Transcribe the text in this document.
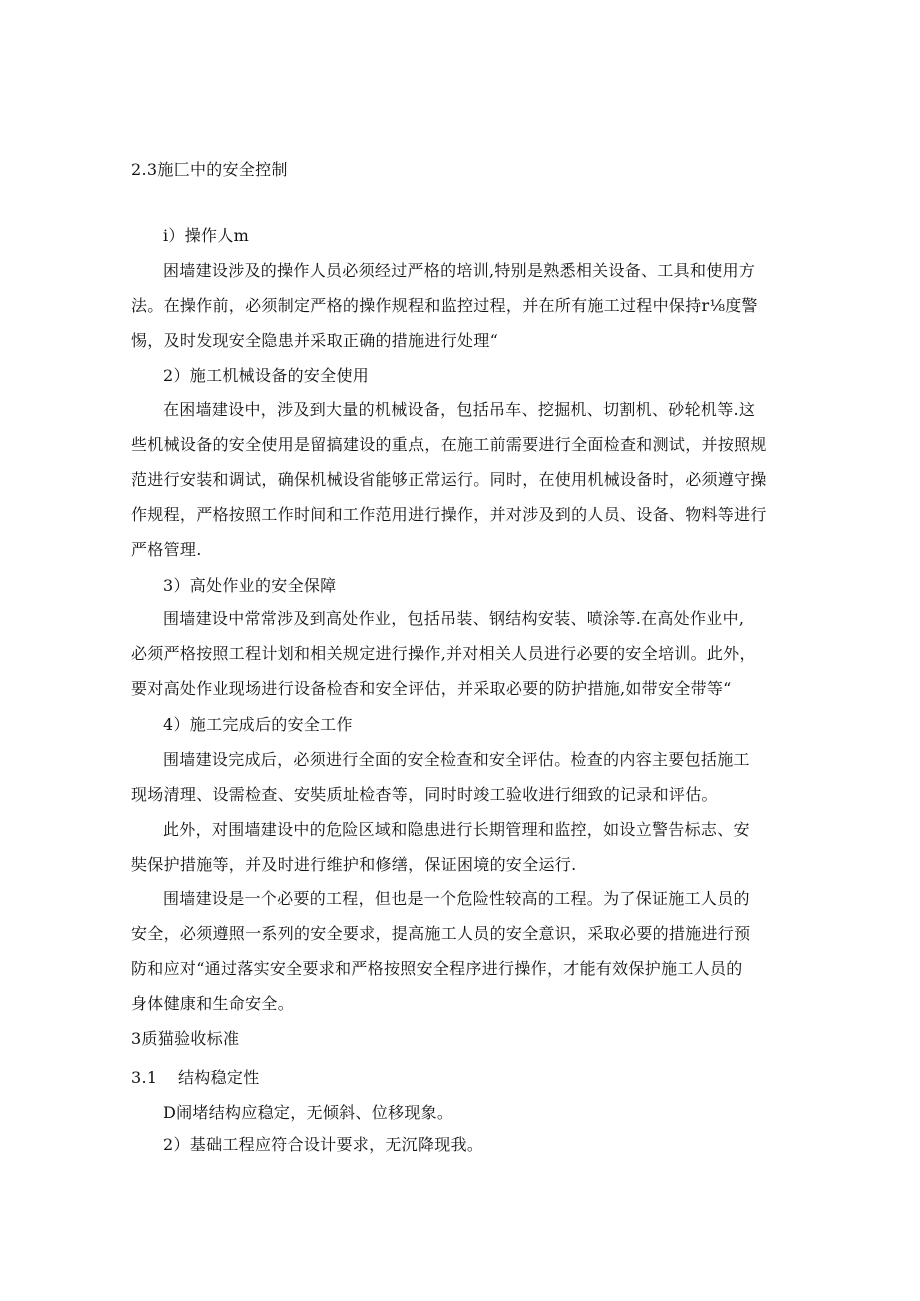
2.3施匚中的安全控制
i）操作人m
困墙建设涉及的操作人员必须经过严格的培训,特别是熟悉相关设备、工具和使用方
法。在操作前，必须制定严格的操作规程和监控过程，并在所有施工过程中保持r⅛度警
惕，及时发现安全隐患并采取正确的措施进行处理“
2）施工机械设备的安全使用
在困墙建设中，涉及到大量的机械设备，包括吊车、挖掘机、切割机、砂轮机等.这
些机械设备的安全使用是留搞建设的重点，在施工前需要进行全面检查和测试，并按照规
范进行安装和调试，确保机械设省能够正常运行。同时，在使用机械设备时，必须遵守操
作规程，严格按照工作时间和工作范用进行操作，并对涉及到的人员、设备、物料等进行
严格管理.
3）高处作业的安全保障
围墙建设中常常涉及到高处作业，包括吊装、钢结构安装、喷涂等.在高处作业中,
必须严格按照工程计划和相关规定进行操作,并对相关人员进行必要的安全培训。此外，
要对高处作业现场进行设备检杳和安全评估，并采取必要的防护措施,如带安全带等“
4）施工完成后的安全工作
围墙建设完成后，必须进行全面的安全检查和安全评估。检查的内容主要包括施工
现场清理、设需检查、安奘质址检杳等，同时时竣工验收进行细致的记录和评估。
此外，对围墙建设中的危险区域和隐患进行长期管理和监控，如设立警告标志、安
奘保护措施等，并及时进行维护和修缮，保证困境的安全运行.
围墙建设是一个必要的工程，但也是一个危险性较高的工程。为了保证施工人员的
安全，必须遵照一系列的安全要求，提高施工人员的安全意识，采取必要的措施进行预
防和应对“通过落实安全要求和严格按照安全程序进行操作，才能有效保护施工人员的
身体健康和生命安全。
3质猫验收标准
3.1 结构稳定性
D闹堵结构应稳定，无倾斜、位移现象。
2）基础工程应符合设计要求，无沉降现我。
